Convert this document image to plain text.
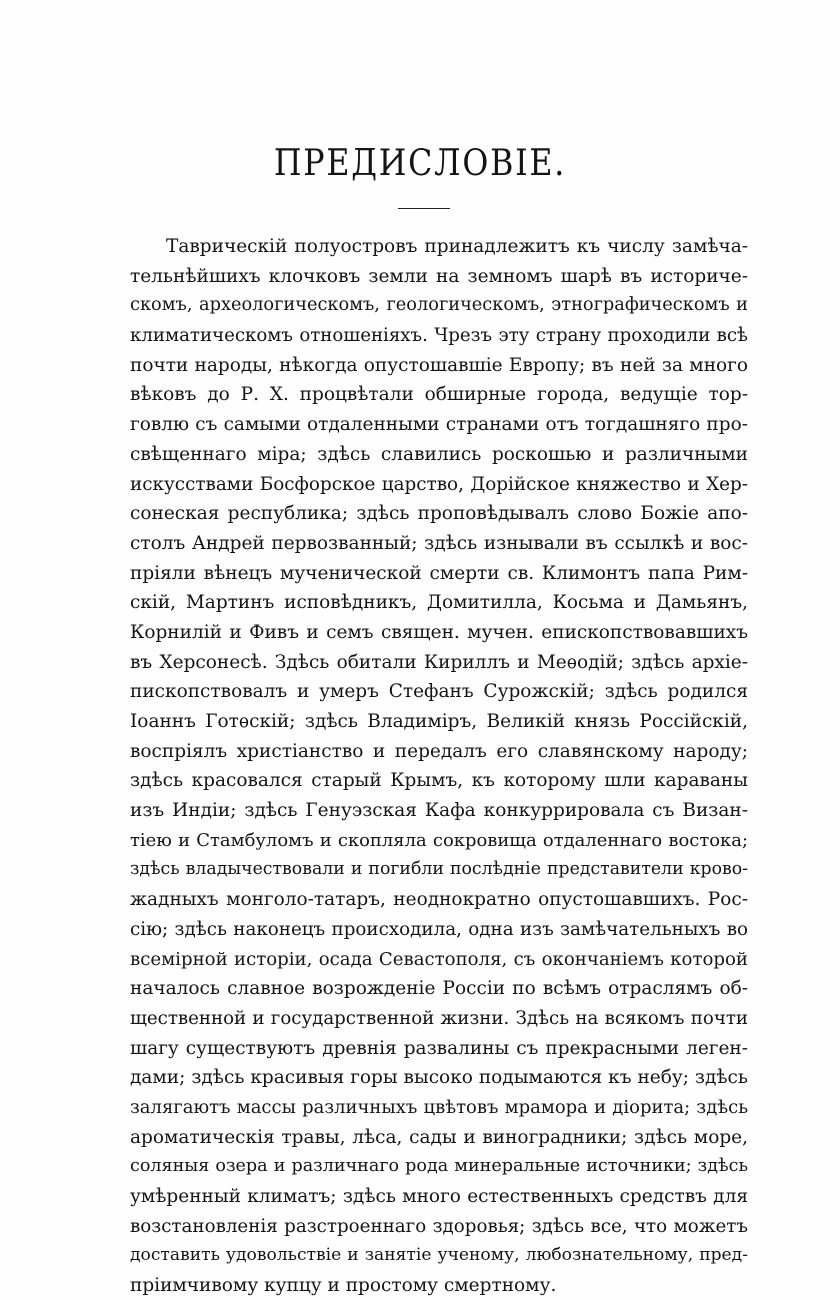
ПРЕДИСЛОВІЕ.
Таврическій полуостровъ принадлежитъ къ числу замѣча-
тельнѣйшихъ клочковъ земли на земномъ шарѣ въ историче-
скомъ, археологическомъ, геологическомъ, этнографическомъ и
климатическомъ отношеніяхъ. Чрезъ эту страну проходили всѣ
почти народы, нѣкогда опустошавшіе Европу; въ ней за много
вѣковъ до Р. Х. процвѣтали обширные города, ведущіе тор-
говлю съ самыми отдаленными странами отъ тогдашняго про-
свѣщеннаго міра; здѣсь славились роскошью и различными
искусствами Босфорское царство, Дорійское княжество и Хер-
сонеская республика; здѣсь проповѣдывалъ слово Божіе апо-
столъ Андрей первозванный; здѣсь изнывали въ ссылкѣ и вос-
пріяли вѣнецъ мученической смерти св. Климонтъ папа Рим-
скій, Мартинъ исповѣдникъ, Домитилла, Косьма и Дамьянъ,
Корнилій и Фивъ и семъ священ. мучен. епископствовавшихъ
въ Херсонесѣ. Здѣсь обитали Кириллъ и Меѳодій; здѣсь архіе-
пископствовалъ и умеръ Стефанъ Сурожскій; здѣсь родился
Іоаннъ Готѳскій; здѣсь Владиміръ, Великій князь Россійскій,
воспріялъ христіанство и передалъ его славянскому народу;
здѣсь красовался старый Крымъ, къ которому шли караваны
изъ Индіи; здѣсь Генуэзская Кафа конкуррировала съ Визан-
тіею и Стамбуломъ и скопляла сокровища отдаленнаго востока;
здѣсь владычествовали и погибли послѣдніе представители крово-
жадныхъ монголо-татаръ, неоднократно опустошавшихъ. Рос-
сію; здѣсь наконецъ происходила, одна изъ замѣчательныхъ во
всемірной исторіи, осада Севастополя, съ окончаніемъ которой
началось славное возрожденіе Россіи по всѣмъ отраслямъ об-
щественной и государственной жизни. Здѣсь на всякомъ почти
шагу существуютъ древнія развалины съ прекрасными леген-
дами; здѣсь красивыя горы высоко подымаются къ небу; здѣсь
залягаютъ массы различныхъ цвѣтовъ мрамора и діорита; здѣсь
ароматическія травы, лѣса, сады и виноградники; здѣсь море,
соляныя озера и различнаго рода минеральные источники; здѣсь
умѣренный климатъ; здѣсь много естественныхъ средствъ для
возстановленія разстроеннаго здоровья; здѣсь все, что можетъ
доставить удовольствіе и занятіе ученому, любознательному, пред-
пріимчивому купцу и простому смертному.
